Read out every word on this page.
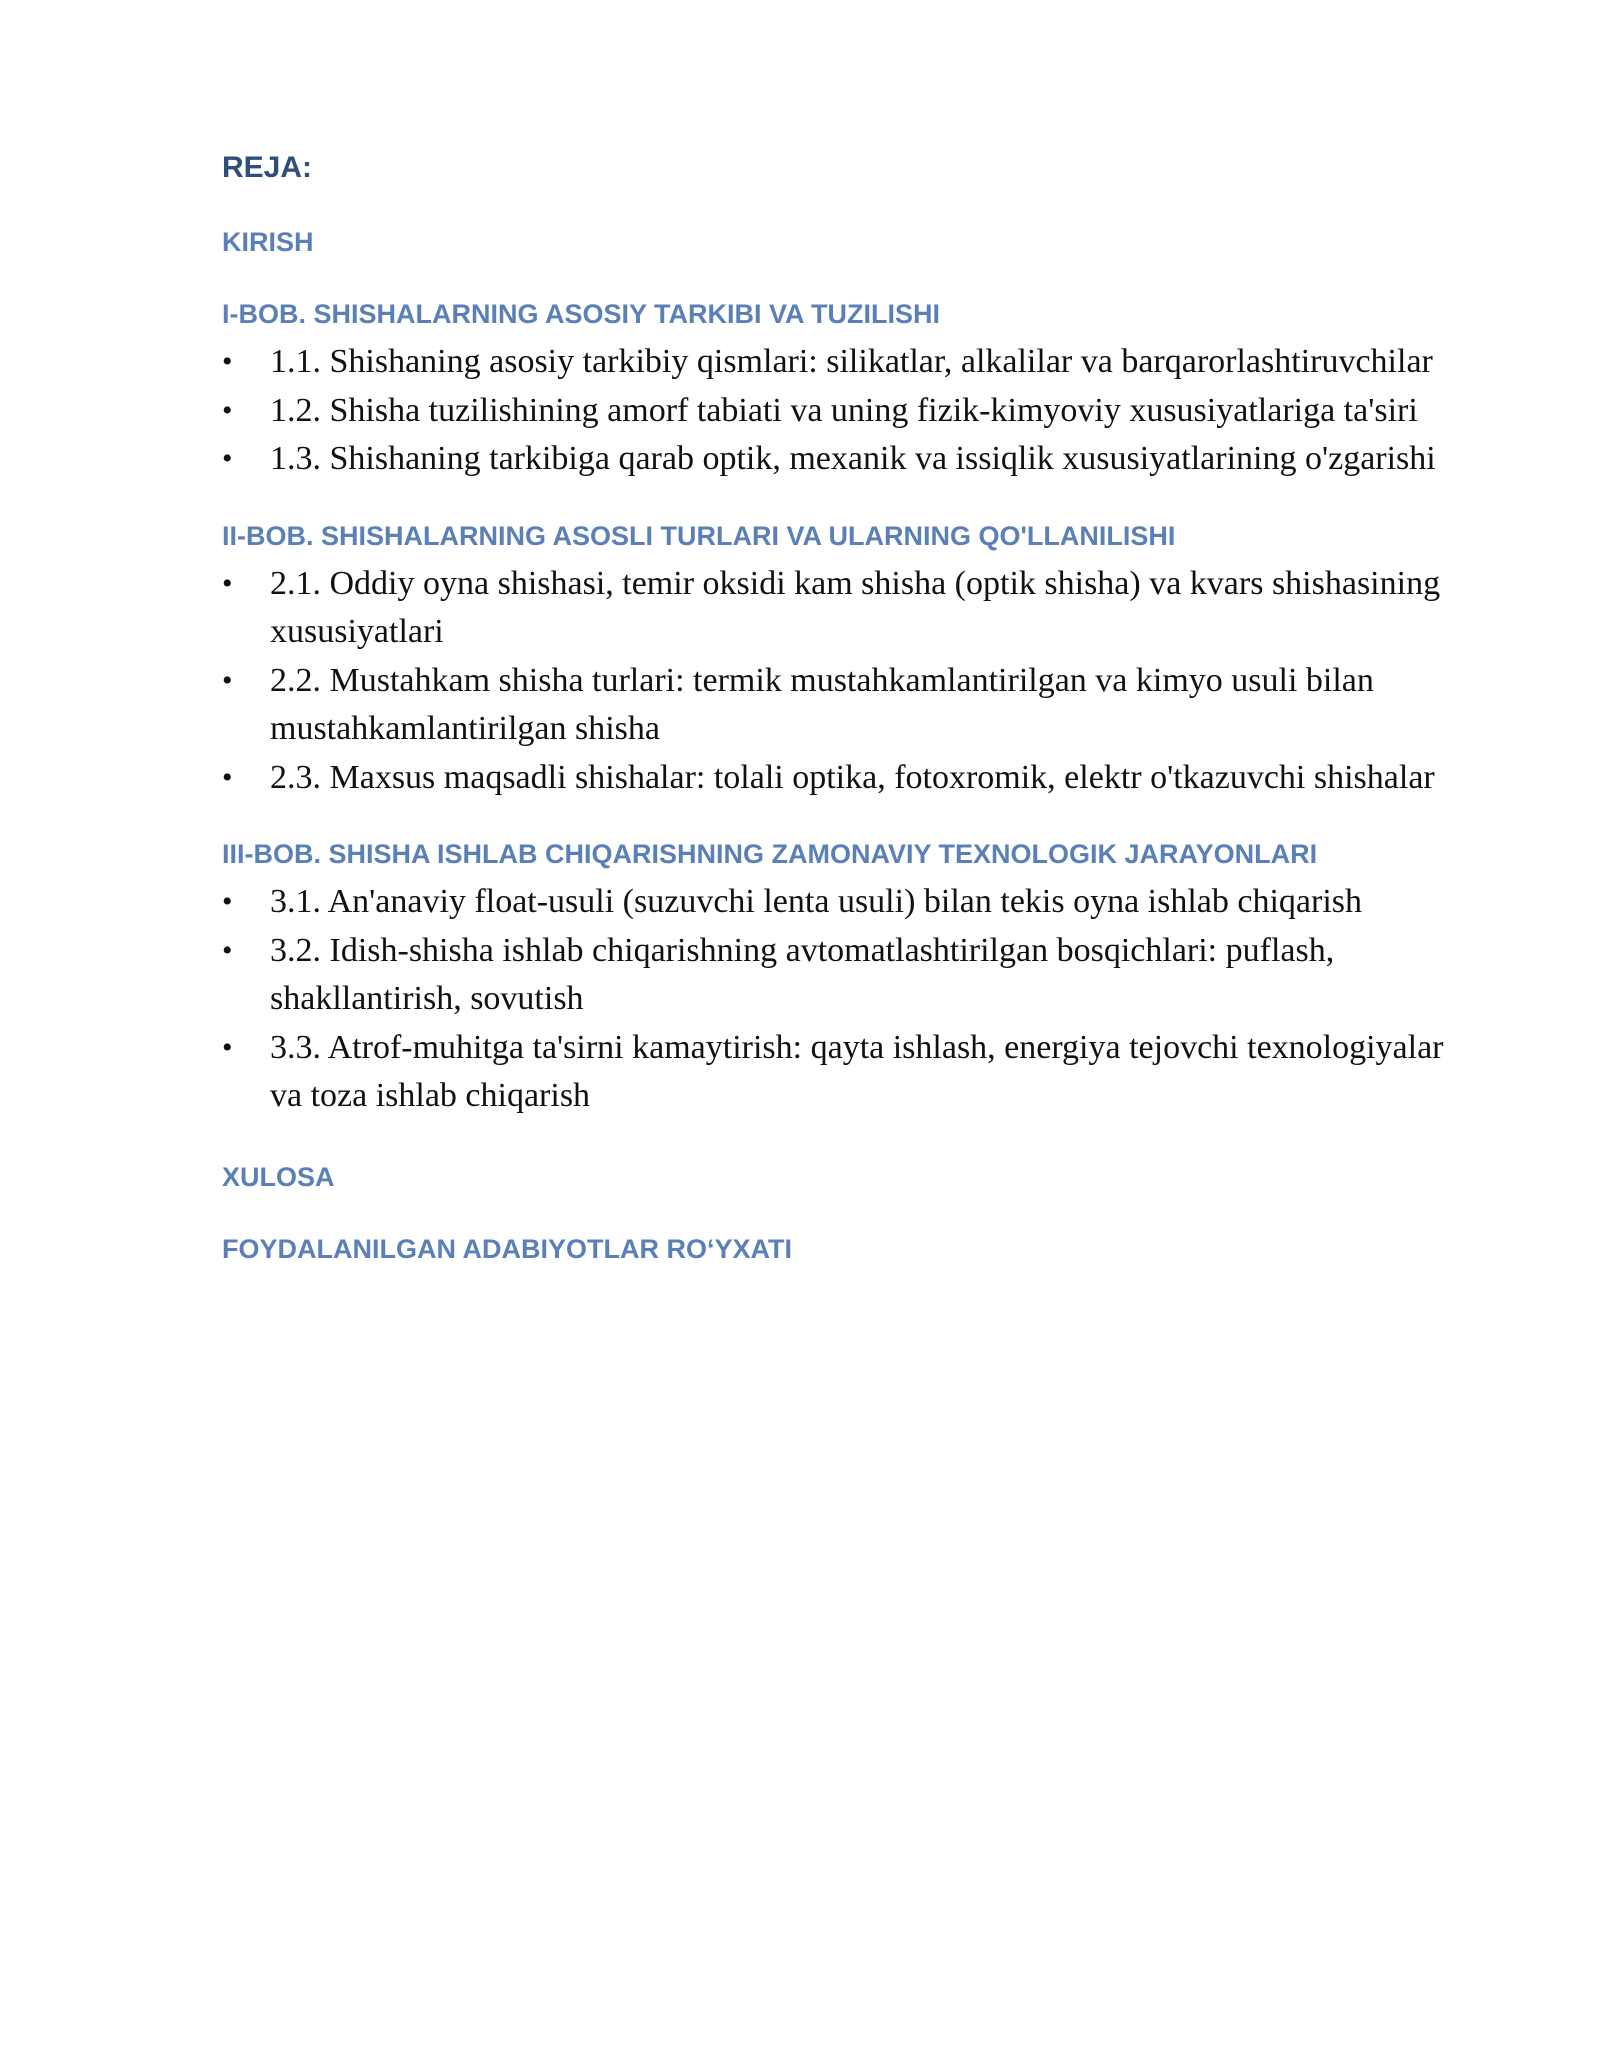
REJA:
KIRISH
I-BOB. SHISHALARNING ASOSIY TARKIBI VA TUZILISHI
•	1.1. Shishaning asosiy tarkibiy qismlari: silikatlar, alkalilar va barqarorlashtiruvchilar
•	1.2. Shisha tuzilishining amorf tabiati va uning fizik-kimyoviy xususiyatlariga ta'siri
•	1.3. Shishaning tarkibiga qarab optik, mexanik va issiqlik xususiyatlarining o'zgarishi
II-BOB. SHISHALARNING ASOSLI TURLARI VA ULARNING QO'LLANILISHI
•	2.1. Oddiy oyna shishasi, temir oksidi kam shisha (optik shisha) va kvars shishasining xususiyatlari
•	2.2. Mustahkam shisha turlari: termik mustahkamlantirilgan va kimyo usuli bilan mustahkamlantirilgan shisha
•	2.3. Maxsus maqsadli shishalar: tolali optika, fotoxromik, elektr o'tkazuvchi shishalar
III-BOB. SHISHA ISHLAB CHIQARISHNING ZAMONAVIY TEXNOLOGIK JARAYONLARI
•	3.1. An'anaviy float-usuli (suzuvchi lenta usuli) bilan tekis oyna ishlab chiqarish
•	3.2. Idish-shisha ishlab chiqarishning avtomatlashtirilgan bosqichlari: puflash, shakllantirish, sovutish
•	3.3. Atrof-muhitga ta'sirni kamaytirish: qayta ishlash, energiya tejovchi texnologiyalar va toza ishlab chiqarish
XULOSA
FOYDALANILGAN ADABIYOTLAR RO‘YXATI
